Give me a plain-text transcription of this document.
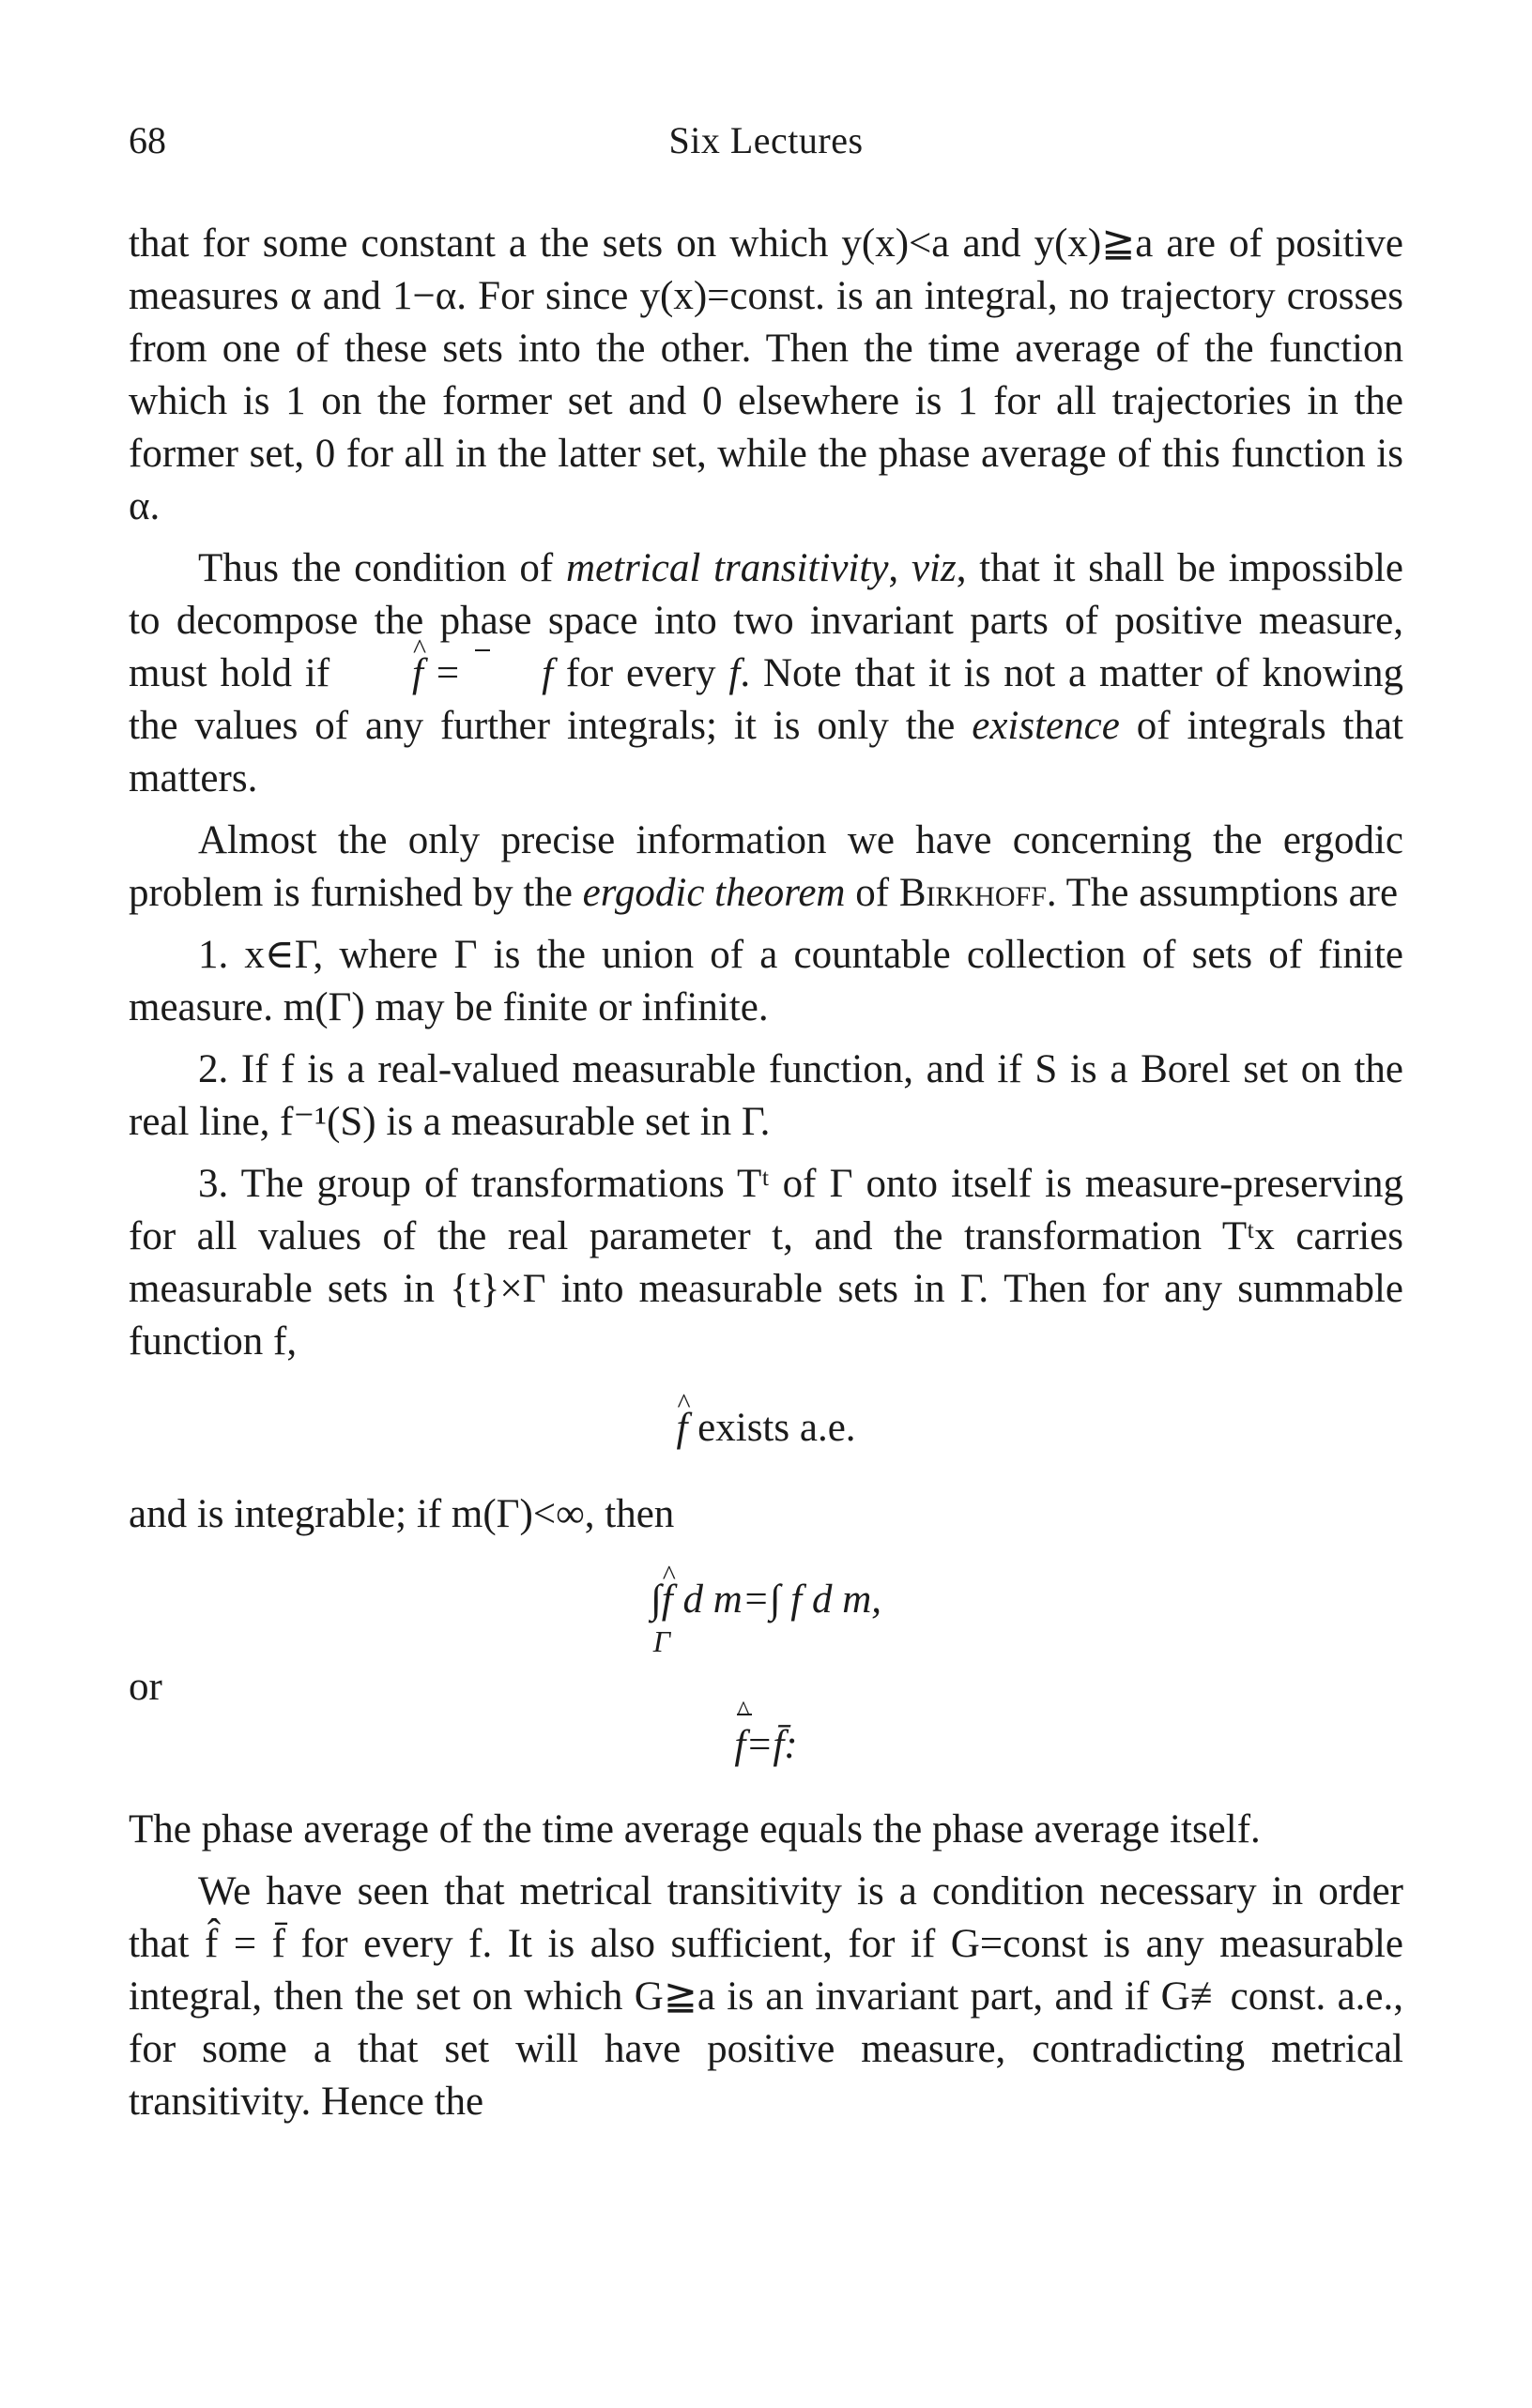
68	Six Lectures

that for some constant a the sets on which y(x)<a and y(x)≧a are of positive measures α and 1−α. For since y(x)=const. is an integral, no trajectory crosses from one of these sets into the other. Then the time average of the function which is 1 on the former set and 0 elsewhere is 1 for all trajectories in the former set, 0 for all in the latter set, while the phase average of this function is α.

Thus the condition of metrical transitivity, viz, that it shall be impossible to decompose the phase space into two invariant parts of positive measure, must hold if ^ f = f for every f. Note that it is not a matter of knowing the values of any further integrals; it is only the existence of integrals that matters.

Almost the only precise information we have concerning the ergodic problem is furnished by the ergodic theorem of Birkhoff. The assumptions are

1. x∈Γ, where Γ is the union of a countable collection of sets of finite measure. m(Γ) may be finite or infinite.

2. If f is a real-valued measurable function, and if S is a Borel set on the real line, f⁻¹(S) is a measurable set in Γ.

3. The group of transformations Tᵗ of Γ onto itself is measure-preserving for all values of the real parameter t, and the transformation Tᵗx carries measurable sets in {t}×Γ into measurable sets in Γ. Then for any summable function f,

^ f exists a.e.

and is integrable; if m(Γ)<∞, then

∫^ f
Γ
d m=∫ f d m,

or

f ^=f̄:

The phase average of the time average equals the phase average itself.

We have seen that metrical transitivity is a condition necessary in order that f̂ = f̄ for every f. It is also sufficient, for if G=const is any measurable integral, then the set on which G≧a is an invariant part, and if G≢const. a.e., for some a that set will have positive measure, contradicting metrical transitivity. Hence the
